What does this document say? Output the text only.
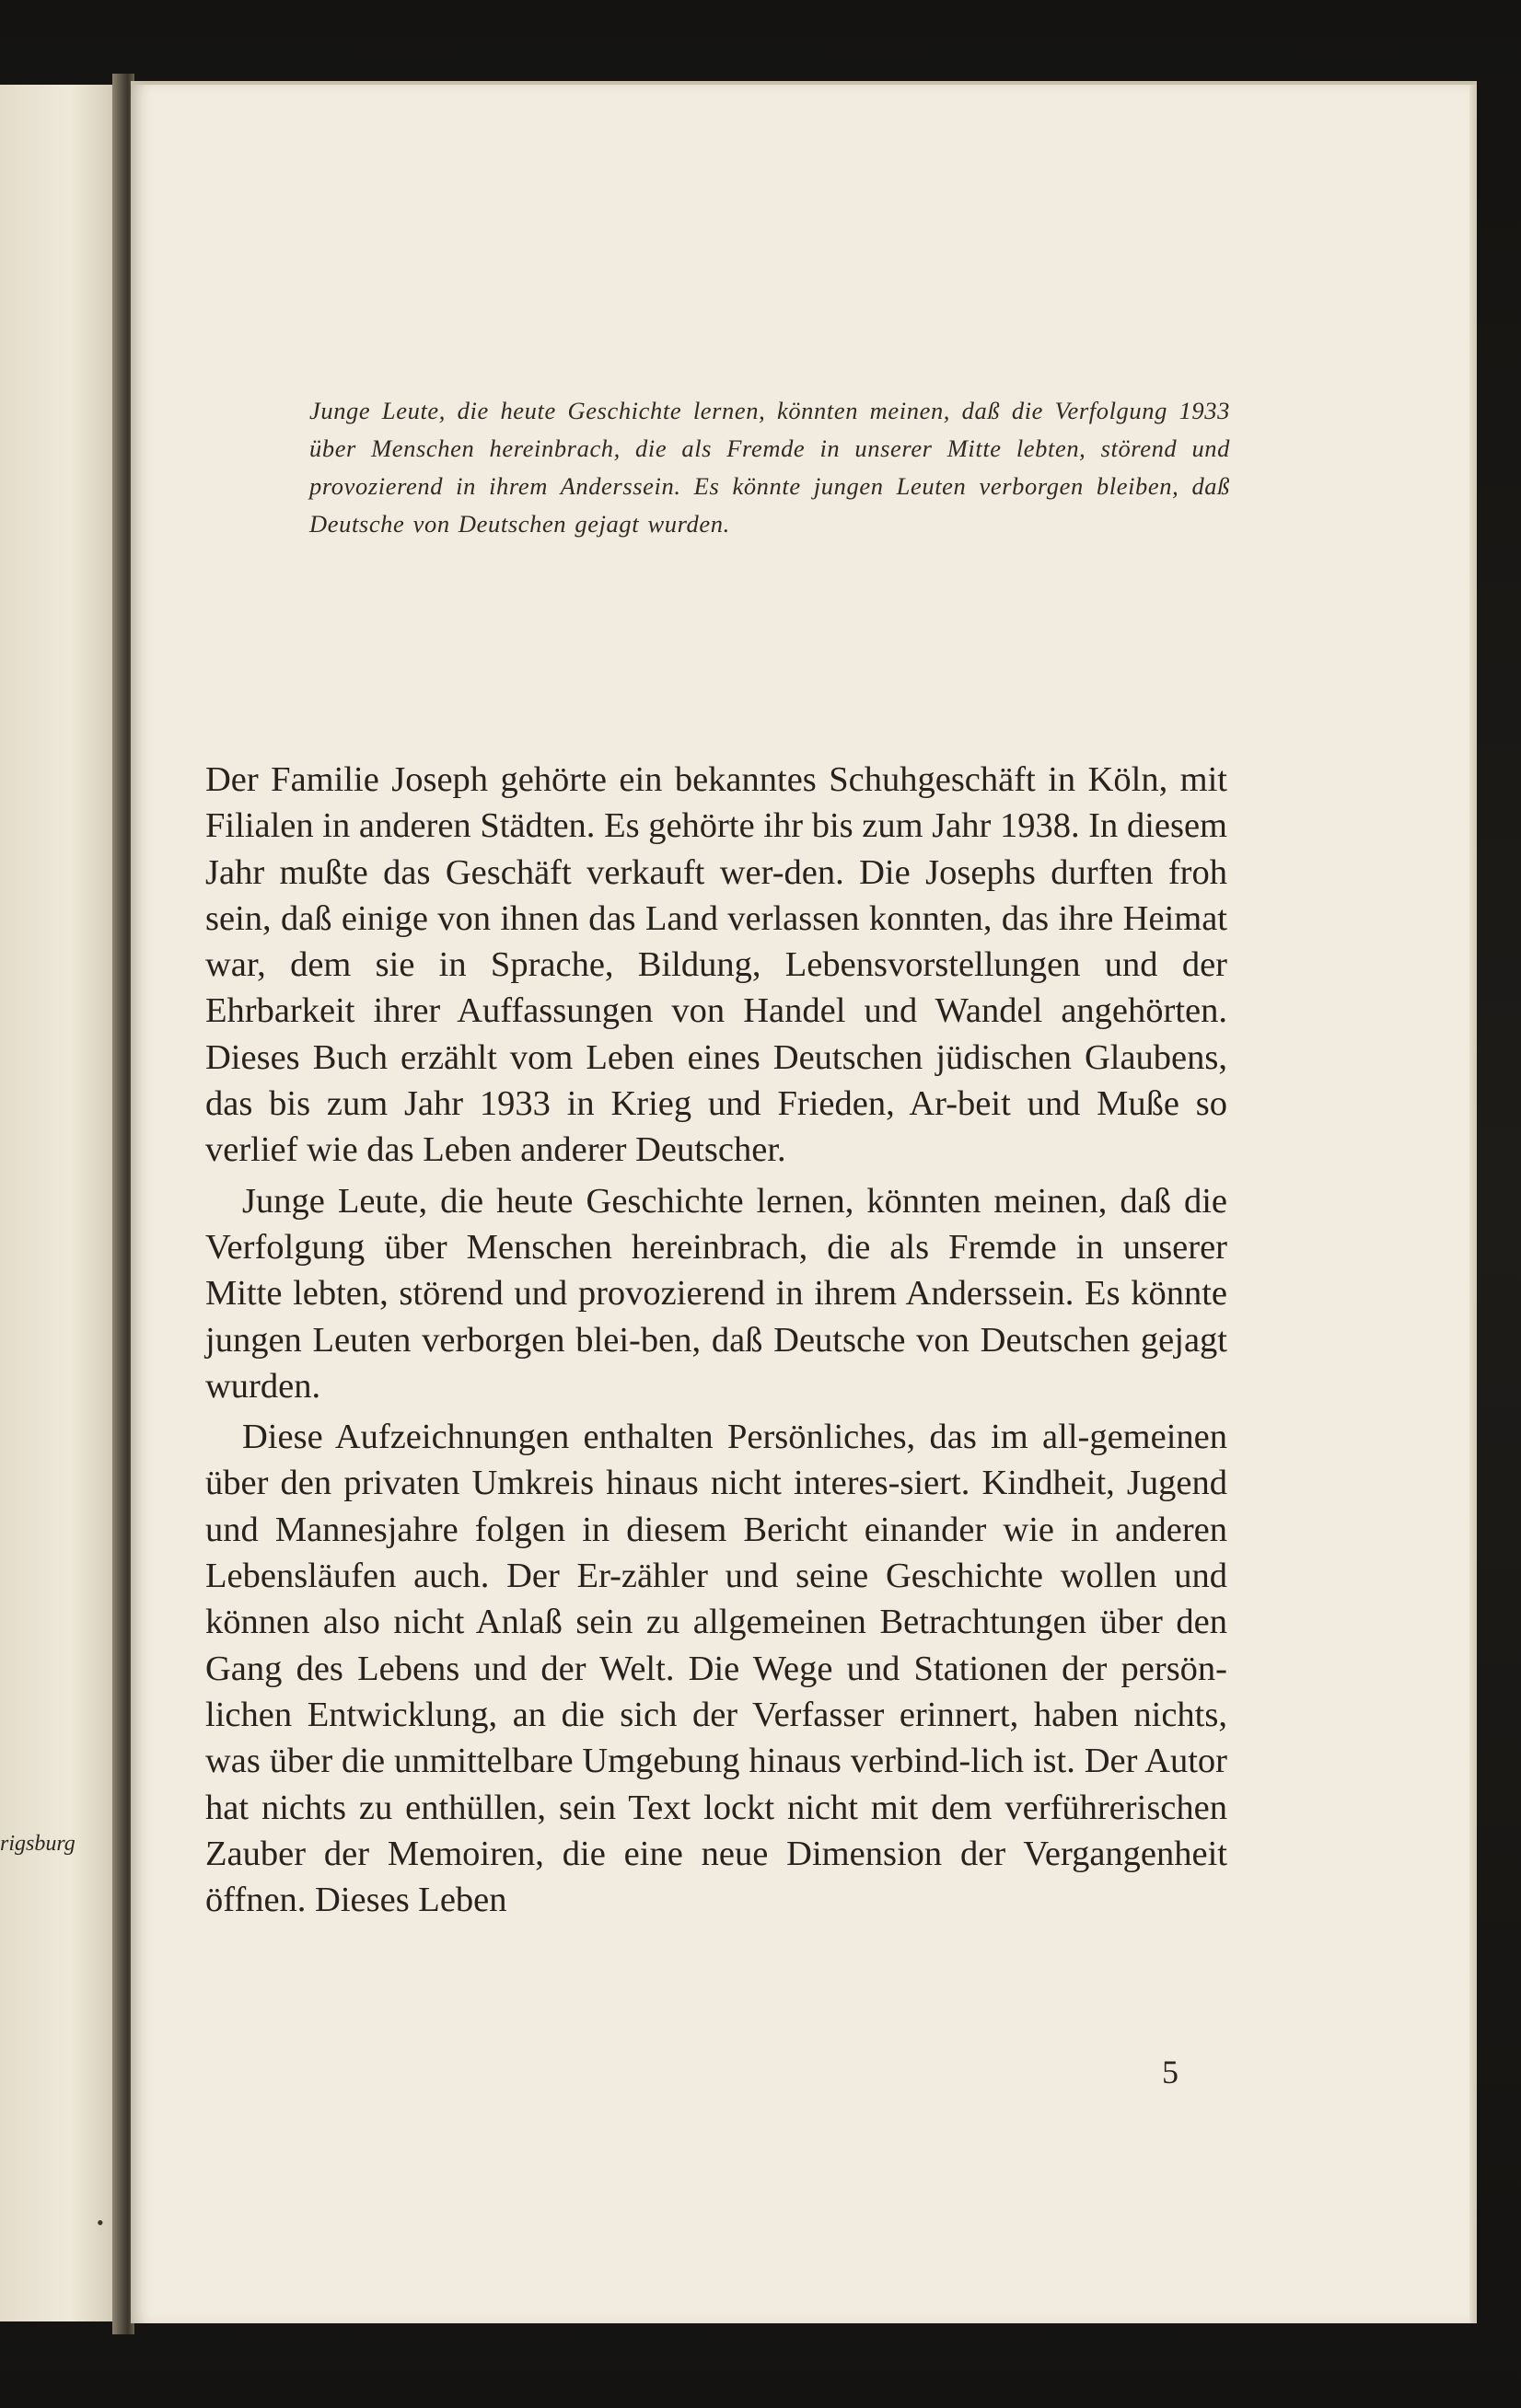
rigsburg
•
Junge Leute, die heute Geschichte lernen, könnten meinen, daß die Verfolgung 1933 über Menschen hereinbrach, die als Fremde in unserer Mitte lebten, störend und provozierend in ihrem Anderssein. Es könnte jungen Leuten verborgen bleiben, daß Deutsche von Deutschen gejagt wurden.

Der Familie Joseph gehörte ein bekanntes Schuhgeschäft in Köln, mit Filialen in anderen Städten. Es gehörte ihr bis zum Jahr 1938. In diesem Jahr mußte das Geschäft verkauft wer-den. Die Josephs durften froh sein, daß einige von ihnen das Land verlassen konnten, das ihre Heimat war, dem sie in Sprache, Bildung, Lebensvorstellungen und der Ehrbarkeit ihrer Auffassungen von Handel und Wandel angehörten. Dieses Buch erzählt vom Leben eines Deutschen jüdischen Glaubens, das bis zum Jahr 1933 in Krieg und Frieden, Ar-beit und Muße so verlief wie das Leben anderer Deutscher.

Junge Leute, die heute Geschichte lernen, könnten meinen, daß die Verfolgung über Menschen hereinbrach, die als Fremde in unserer Mitte lebten, störend und provozierend in ihrem Anderssein. Es könnte jungen Leuten verborgen blei-ben, daß Deutsche von Deutschen gejagt wurden.

Diese Aufzeichnungen enthalten Persönliches, das im all-gemeinen über den privaten Umkreis hinaus nicht interes-siert. Kindheit, Jugend und Mannesjahre folgen in diesem Bericht einander wie in anderen Lebensläufen auch. Der Er-zähler und seine Geschichte wollen und können also nicht Anlaß sein zu allgemeinen Betrachtungen über den Gang des Lebens und der Welt. Die Wege und Stationen der persön-lichen Entwicklung, an die sich der Verfasser erinnert, haben nichts, was über die unmittelbare Umgebung hinaus verbind-lich ist. Der Autor hat nichts zu enthüllen, sein Text lockt nicht mit dem verführerischen Zauber der Memoiren, die eine neue Dimension der Vergangenheit öffnen. Dieses Leben

5
